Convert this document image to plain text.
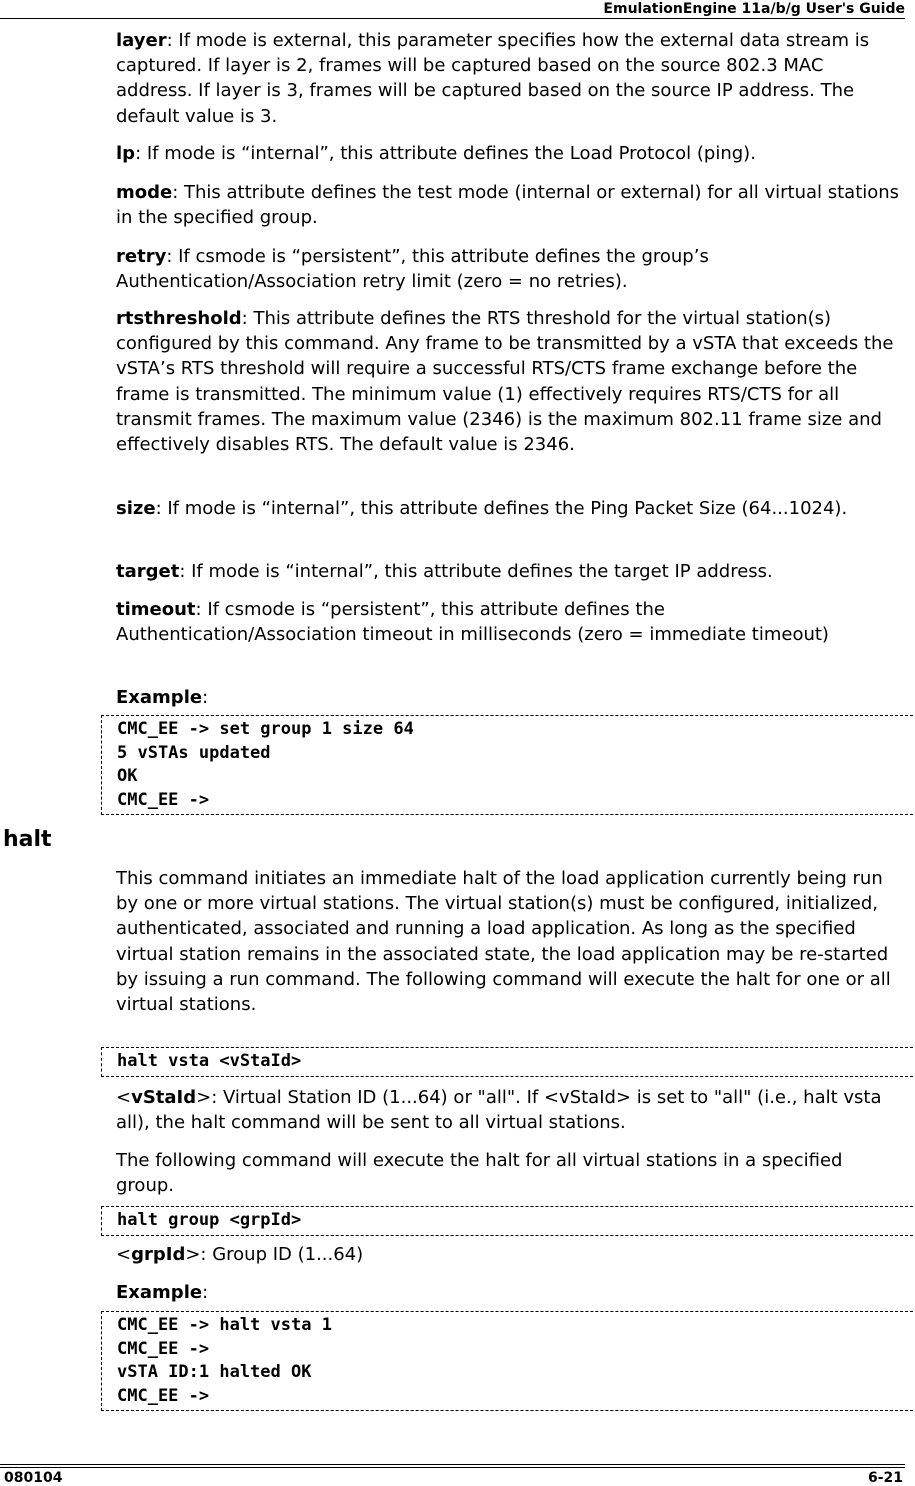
EmulationEngine 11a/b/g User's Guide

layer: If mode is external, this parameter specifies how the external data stream is captured. If layer is 2, frames will be captured based on the source 802.3 MAC address. If layer is 3, frames will be captured based on the source IP address. The default value is 3.

lp: If mode is “internal”, this attribute defines the Load Protocol (ping).

mode: This attribute defines the test mode (internal or external) for all virtual stations in the specified group.

retry: If csmode is “persistent”, this attribute defines the group’s Authentication/Association retry limit (zero = no retries).

rtsthreshold: This attribute defines the RTS threshold for the virtual station(s) configured by this command. Any frame to be transmitted by a vSTA that exceeds the vSTA’s RTS threshold will require a successful RTS/CTS frame exchange before the frame is transmitted. The minimum value (1) effectively requires RTS/CTS for all transmit frames. The maximum value (2346) is the maximum 802.11 frame size and effectively disables RTS. The default value is 2346.

size: If mode is “internal”, this attribute defines the Ping Packet Size (64...1024).

target: If mode is “internal”, this attribute defines the target IP address.

timeout: If csmode is “persistent”, this attribute defines the Authentication/Association timeout in milliseconds (zero = immediate timeout)

Example:

CMC_EE -> set group 1 size 64
5 vSTAs updated
OK
CMC_EE ->
halt

This command initiates an immediate halt of the load application currently being run by one or more virtual stations. The virtual station(s) must be configured, initialized, authenticated, associated and running a load application. As long as the specified virtual station remains in the associated state, the load application may be re-started by issuing a run command. The following command will execute the halt for one or all virtual stations.

halt vsta <vStaId>

<vStaId>: Virtual Station ID (1...64) or "all". If <vStaId> is set to "all" (i.e., halt vsta all), the halt command will be sent to all virtual stations.

The following command will execute the halt for all virtual stations in a specified group.

halt group <grpId>

<grpId>: Group ID (1...64)

Example:

CMC_EE -> halt vsta 1
CMC_EE ->
vSTA ID:1 halted OK
CMC_EE ->
080104	6-21
